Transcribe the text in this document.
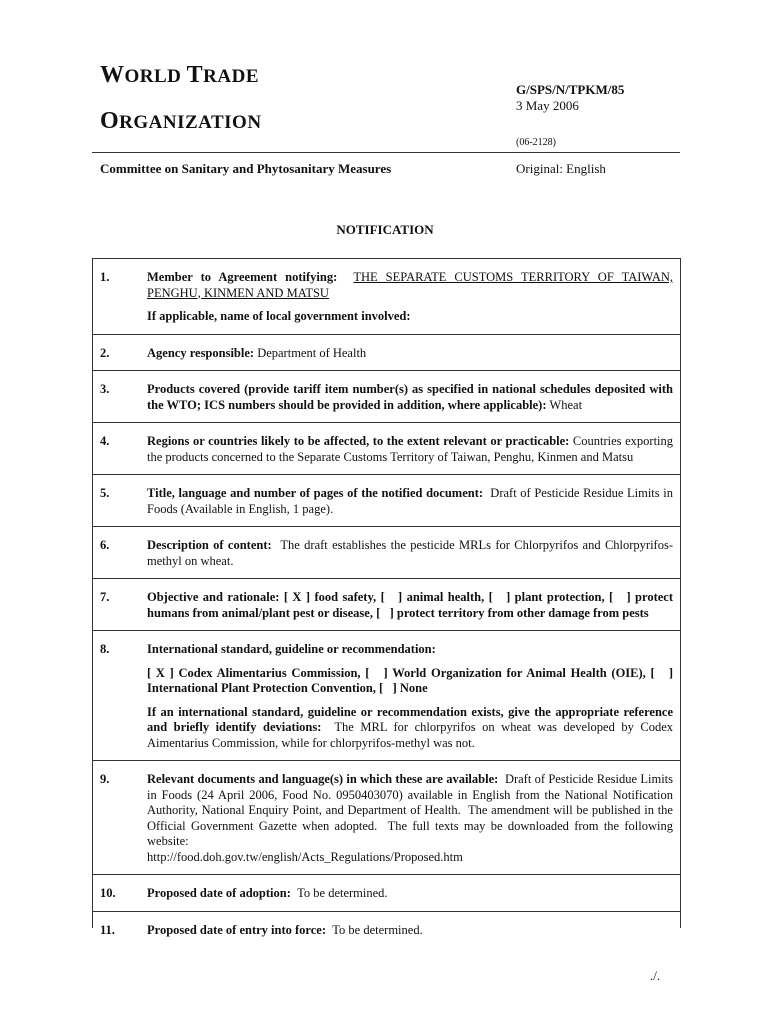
WORLD TRADE
ORGANIZATION
G/SPS/N/TPKM/85
3 May 2006
(06-2128)
Committee on Sanitary and Phytosanitary Measures	Original: English
NOTIFICATION
1.	Member to Agreement notifying: THE SEPARATE CUSTOMS TERRITORY OF TAIWAN, PENGHU, KINMEN AND MATSU

If applicable, name of local government involved:

2.	Agency responsible: Department of Health

3.	Products covered (provide tariff item number(s) as specified in national schedules deposited with the WTO; ICS numbers should be provided in addition, where applicable): Wheat

4.	Regions or countries likely to be affected, to the extent relevant or practicable: Countries exporting the products concerned to the Separate Customs Territory of Taiwan, Penghu, Kinmen and Matsu

5.	Title, language and number of pages of the notified document: Draft of Pesticide Residue Limits in Foods (Available in English, 1 page).

6.	Description of content: The draft establishes the pesticide MRLs for Chlorpyrifos and Chlorpyrifos-methyl on wheat.

7.	Objective and rationale: [ X ] food safety, [   ] animal health, [   ] plant protection, [   ] protect humans from animal/plant pest or disease, [   ] protect territory from other damage from pests

8.	International standard, guideline or recommendation:

[ X ] Codex Alimentarius Commission, [   ] World Organization for Animal Health (OIE), [   ] International Plant Protection Convention, [   ] None

If an international standard, guideline or recommendation exists, give the appropriate reference and briefly identify deviations: The MRL for chlorpyrifos on wheat was developed by Codex Aimentarius Commission, while for chlorpyrifos-methyl was not.

9.	Relevant documents and language(s) in which these are available: Draft of Pesticide Residue Limits in Foods (24 April 2006, Food No. 0950403070) available in English from the National Notification Authority, National Enquiry Point, and Department of Health.  The amendment will be published in the Official Government Gazette when adopted.  The full texts may be downloaded from the following website:
http://food.doh.gov.tw/english/Acts_Regulations/Proposed.htm

10.	Proposed date of adoption: To be determined.

11.	Proposed date of entry into force: To be determined.

./.
